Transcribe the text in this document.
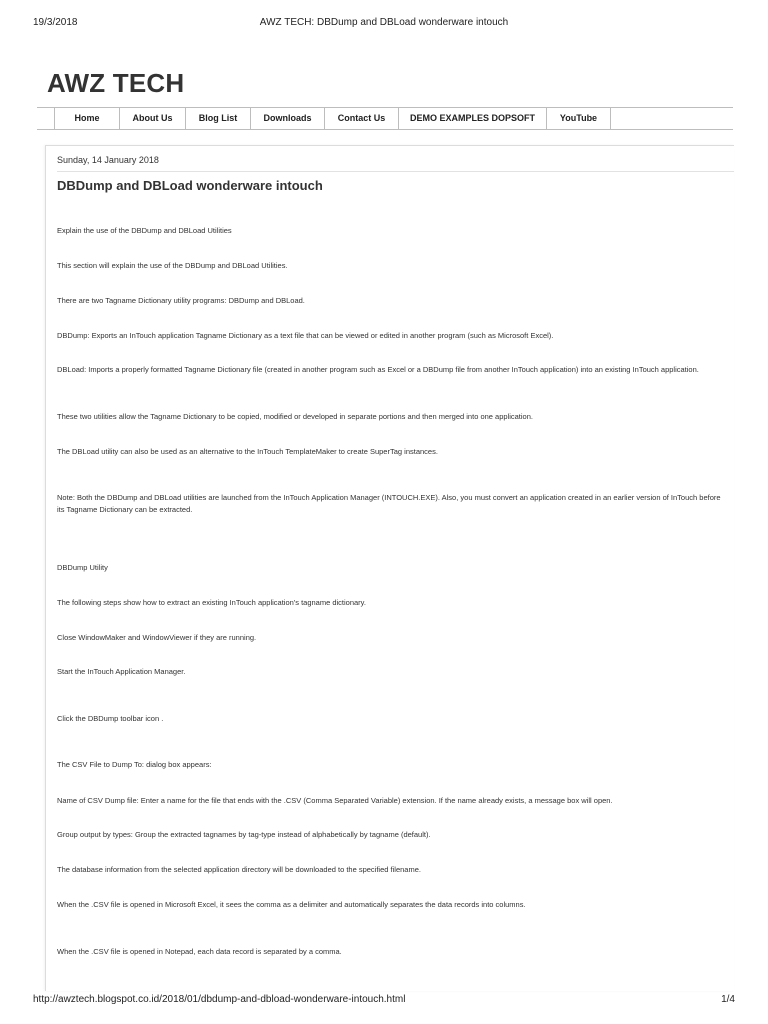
19/3/2018	AWZ TECH: DBDump and DBLoad wonderware intouch
AWZ TECH
Home	About Us	Blog List	Downloads	Contact Us	DEMO EXAMPLES DOPSOFT	YouTube
Sunday, 14 January 2018
DBDump and DBLoad wonderware intouch
Explain the use of the DBDump and DBLoad Utilities
This section will explain the use of the DBDump and DBLoad Utilities.
There are two Tagname Dictionary utility programs: DBDump and DBLoad.
DBDump: Exports an InTouch application Tagname Dictionary as a text file that can be viewed or edited in another program (such as Microsoft Excel).
DBLoad: Imports a properly formatted Tagname Dictionary file (created in another program such as Excel or a DBDump file from another InTouch application) into an existing InTouch application.
These two utilities allow the Tagname Dictionary to be copied, modified or developed in separate portions and then merged into one application.
The DBLoad utility can also be used as an alternative to the InTouch TemplateMaker to create SuperTag instances.
Note: Both the DBDump and DBLoad utilities are launched from the InTouch Application Manager (INTOUCH.EXE). Also, you must convert an application created in an earlier version of InTouch before its Tagname Dictionary can be extracted.
DBDump Utility
The following steps show how to extract an existing InTouch application's tagname dictionary.
Close WindowMaker and WindowViewer if they are running.
Start the InTouch Application Manager.
Click the DBDump toolbar icon .
The CSV File to Dump To: dialog box appears:
Name of CSV Dump file: Enter a name for the file that ends with the .CSV (Comma Separated Variable) extension. If the name already exists, a message box will open.
Group output by types: Group the extracted tagnames by tag-type instead of alphabetically by tagname (default).
The database information from the selected application directory will be downloaded to the specified filename.
When the .CSV file is opened in Microsoft Excel, it sees the comma as a delimiter and automatically separates the data records into columns.
When the .CSV file is opened in Notepad, each data record is separated by a comma.
http://awztech.blogspot.co.id/2018/01/dbdump-and-dbload-wonderware-intouch.html	1/4
